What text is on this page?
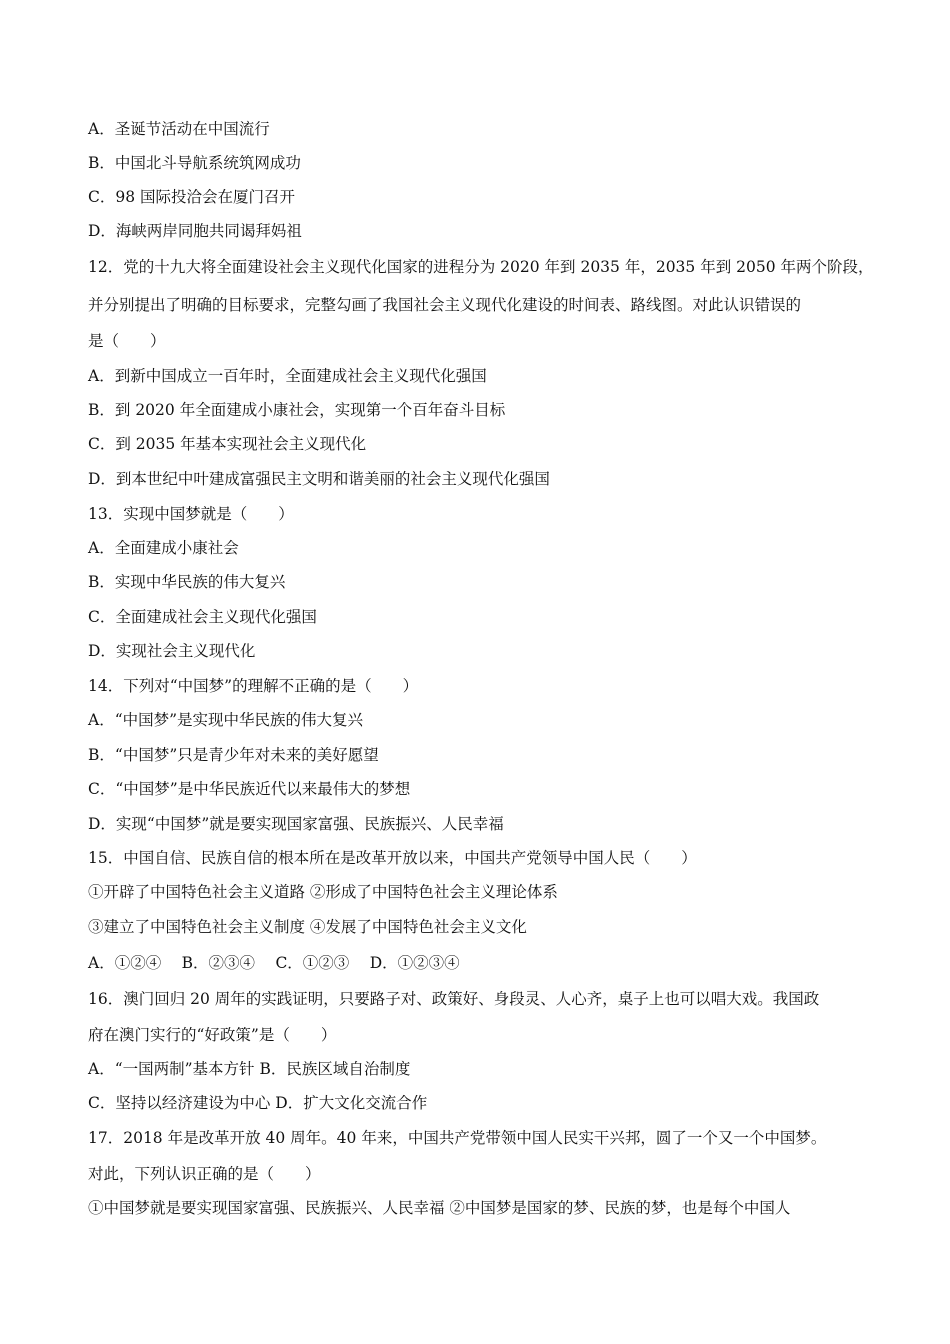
A．圣诞节活动在中国流行
B．中国北斗导航系统筑网成功
C．98 国际投洽会在厦门召开
D．海峡两岸同胞共同谒拜妈祖
12．党的十九大将全面建设社会主义现代化国家的进程分为 2020 年到 2035 年，2035 年到 2050 年两个阶段，
并分别提出了明确的目标要求，完整勾画了我国社会主义现代化建设的时间表、路线图。对此认识错误的
是（　　）
A．到新中国成立一百年时，全面建成社会主义现代化强国
B．到 2020 年全面建成小康社会，实现第一个百年奋斗目标
C．到 2035 年基本实现社会主义现代化
D．到本世纪中叶建成富强民主文明和谐美丽的社会主义现代化强国
13．实现中国梦就是（　　）
A．全面建成小康社会
B．实现中华民族的伟大复兴
C．全面建成社会主义现代化强国
D．实现社会主义现代化
14．下列对“中国梦”的理解不正确的是（　　）
A．“中国梦”是实现中华民族的伟大复兴
B．“中国梦”只是青少年对未来的美好愿望
C．“中国梦”是中华民族近代以来最伟大的梦想
D．实现“中国梦”就是要实现国家富强、民族振兴、人民幸福
15．中国自信、民族自信的根本所在是改革开放以来，中国共产党领导中国人民（　　）
①开辟了中国特色社会主义道路 ②形成了中国特色社会主义理论体系
③建立了中国特色社会主义制度 ④发展了中国特色社会主义文化
A．①②④　 B．②③④　 C．①②③　 D．①②③④
16．澳门回归 20 周年的实践证明，只要路子对、政策好、身段灵、人心齐，桌子上也可以唱大戏。我国政
府在澳门实行的“好政策”是（　　）
A．“一国两制”基本方针 B．民族区域自治制度
C．坚持以经济建设为中心 D．扩大文化交流合作
17．2018 年是改革开放 40 周年。40 年来，中国共产党带领中国人民实干兴邦，圆了一个又一个中国梦。
对此，下列认识正确的是（　　）
①中国梦就是要实现国家富强、民族振兴、人民幸福 ②中国梦是国家的梦、民族的梦，也是每个中国人
